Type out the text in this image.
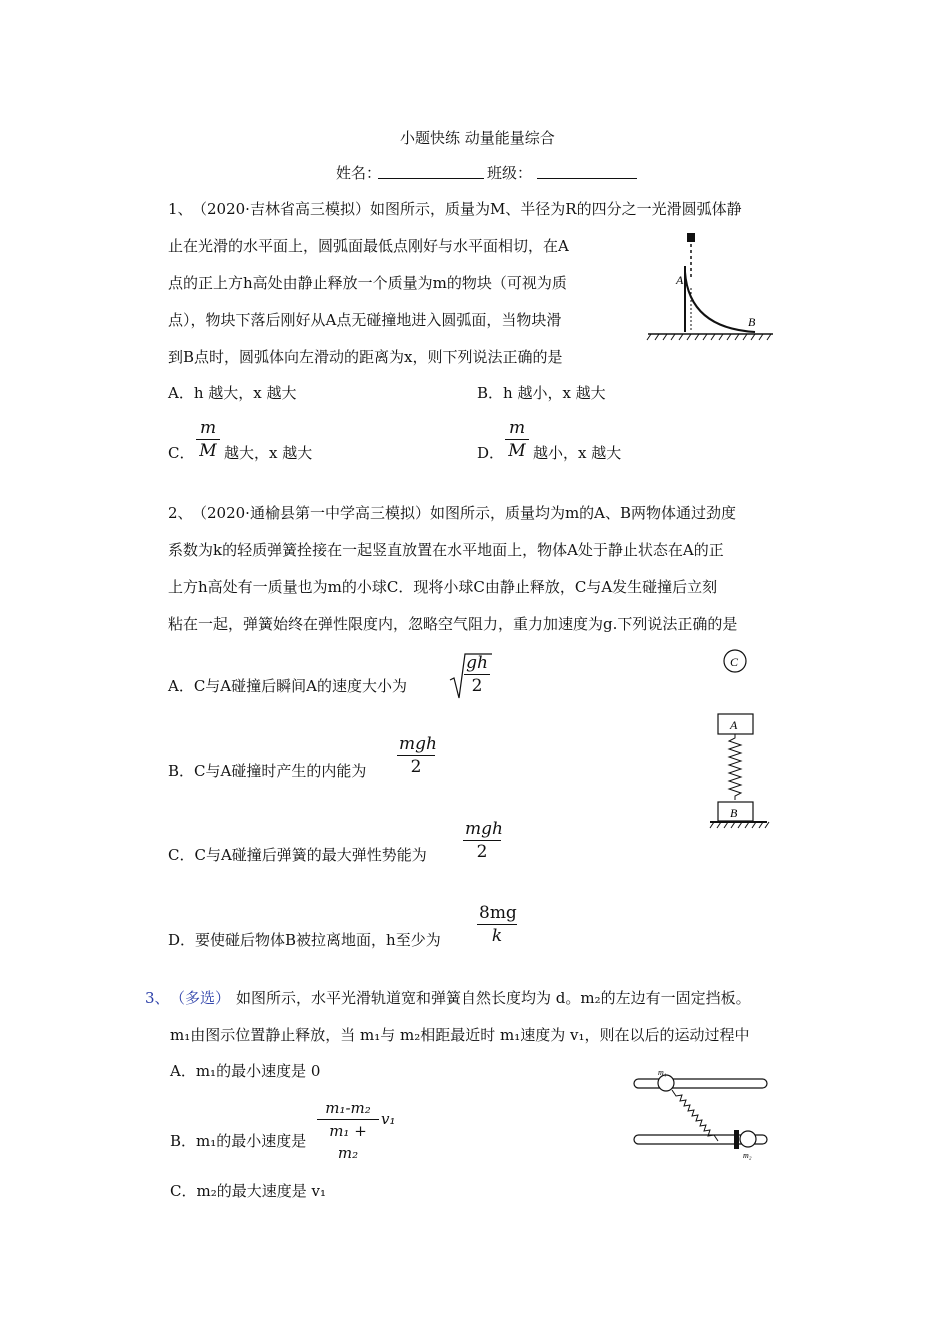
小题快练 动量能量综合
姓名：	班级：
1、 （2020·吉林省高三模拟）如图所示，质量为M、半径为R的四分之一光滑圆弧体静
止在光滑的水平面上，圆弧面最低点刚好与水平面相切，在A
点的正上方h高处由静止释放一个质量为m的物块（可视为质
点），物块下落后刚好从A点无碰撞地进入圆弧面，当物块滑
到B点时，圆弧体向左滑动的距离为x，则下列说法正确的是
A．h 越大，x 越大	B．h 越小，x 越大
C． $\frac{m}{M}$ 越大，x 越大	D． $\frac{m}{M}$ 越小，x 越大
A
B
2、 （2020·通榆县第一中学高三模拟）如图所示，质量均为m的A、B两物体通过劲度
系数为k的轻质弹簧拴接在一起竖直放置在水平地面上，物体A处于静止状态在A的正
上方h高处有一质量也为m的小球C．现将小球C由静止释放，C与A发生碰撞后立刻
粘在一起，弹簧始终在弹性限度内，忽略空气阻力，重力加速度为g.下列说法正确的是
A．C与A碰撞后瞬间A的速度大小为	$\frac{gh}{2}$
B．C与A碰撞时产生的内能为
mgh
2
C．C与A碰撞后弹簧的最大弹性势能为
mgh
2
D．要使碰后物体B被拉离地面，h至少为 $\frac{8mg}{k}$
C
A
B
3、 （多选） 如图所示，水平光滑轨道宽和弹簧自然长度均为 d。m₂的左边有一固定挡板。
m₁由图示位置静止释放，当 m₁与 m₂相距最近时 m₁速度为 v₁，则在以后的运动过程中
A．m₁的最小速度是 0
B．m₁的最小速度是 $\frac{\text{m₁-m₂}}{\text{m₁ + m₂}} v_1$
C．m₂的最大速度是 v₁
m₁
m₂
